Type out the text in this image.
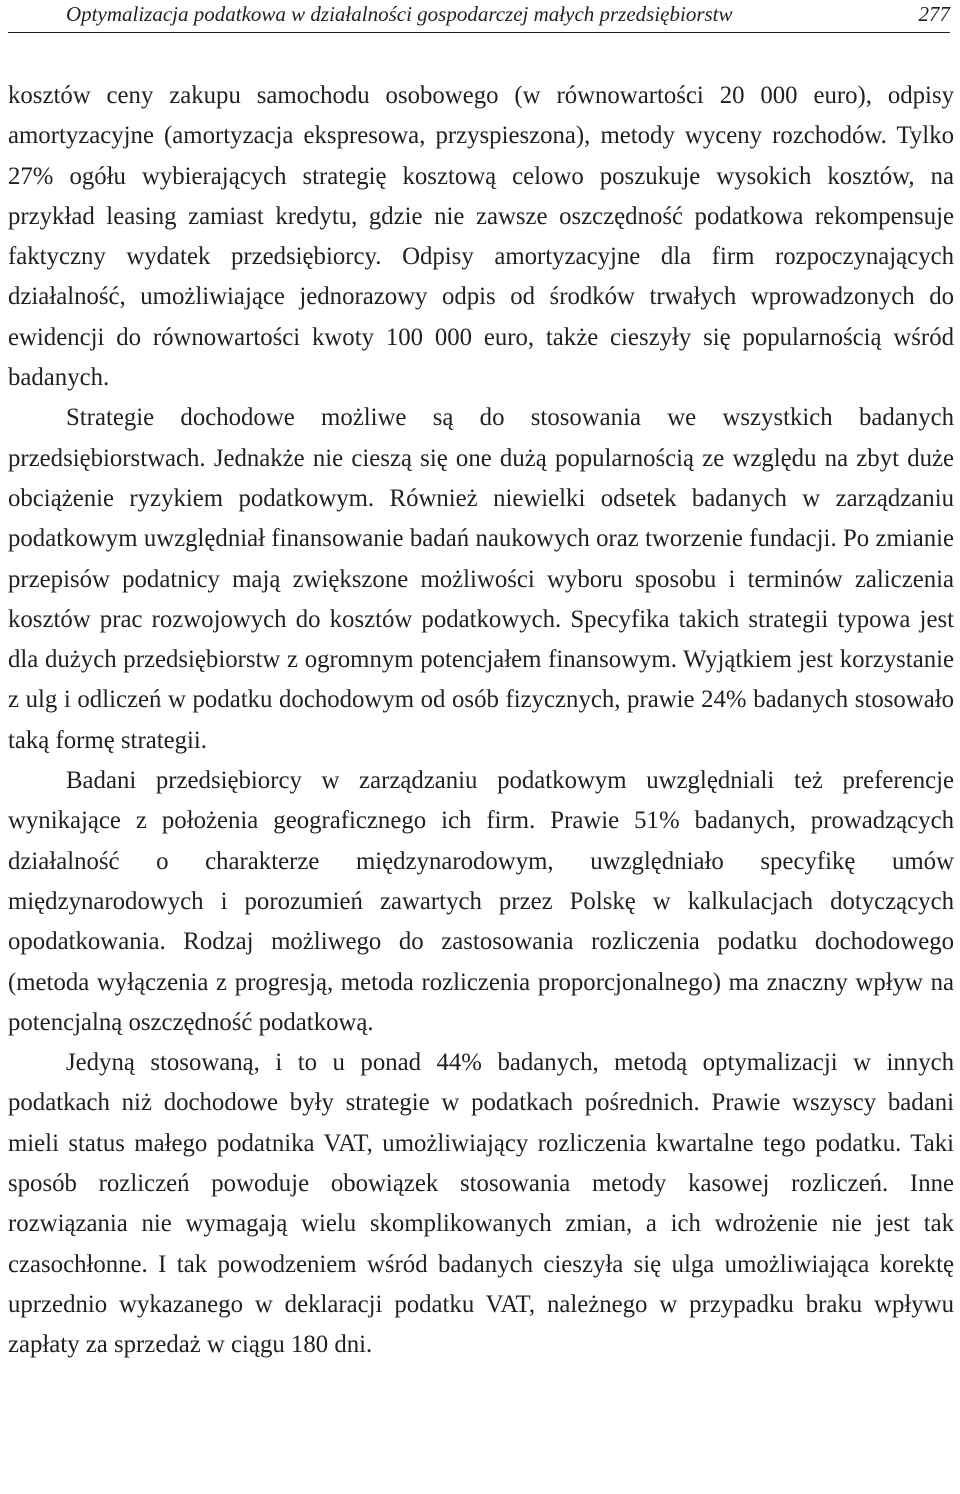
Optymalizacja podatkowa w działalności gospodarczej małych przedsiębiorstw	277

kosztów ceny zakupu samochodu osobowego (w równowartości 20 000 euro), odpisy amortyzacyjne (amortyzacja ekspresowa, przyspieszona), metody wyceny rozchodów. Tylko 27% ogółu wybierających strategię kosztową celowo poszukuje wysokich kosztów, na przykład leasing zamiast kredytu, gdzie nie zawsze oszczędność podatkowa rekompensuje faktyczny wydatek przedsiębiorcy. Odpisy amortyzacyjne dla firm rozpoczynających działalność, umożliwiające jednorazowy odpis od środków trwałych wprowadzonych do ewidencji do równowartości kwoty 100 000 euro, także cieszyły się popularnością wśród badanych.

Strategie dochodowe możliwe są do stosowania we wszystkich badanych przedsiębiorstwach. Jednakże nie cieszą się one dużą popularnością ze względu na zbyt duże obciążenie ryzykiem podatkowym. Również niewielki odsetek badanych w zarządzaniu podatkowym uwzględniał finansowanie badań naukowych oraz tworzenie fundacji. Po zmianie przepisów podatnicy mają zwiększone możliwości wyboru sposobu i terminów zaliczenia kosztów prac rozwojowych do kosztów podatkowych. Specyfika takich strategii typowa jest dla dużych przedsiębiorstw z ogromnym potencjałem finansowym. Wyjątkiem jest korzystanie z ulg i odliczeń w podatku dochodowym od osób fizycznych, prawie 24% badanych stosowało taką formę strategii.

Badani przedsiębiorcy w zarządzaniu podatkowym uwzględniali też preferencje wynikające z położenia geograficznego ich firm. Prawie 51% badanych, prowadzących działalność o charakterze międzynarodowym, uwzględniało specyfikę umów międzynarodowych i porozumień zawartych przez Polskę w kalkulacjach dotyczących opodatkowania. Rodzaj możliwego do zastosowania rozliczenia podatku dochodowego (metoda wyłączenia z progresją, metoda rozliczenia proporcjonalnego) ma znaczny wpływ na potencjalną oszczędność podatkową.

Jedyną stosowaną, i to u ponad 44% badanych, metodą optymalizacji w innych podatkach niż dochodowe były strategie w podatkach pośrednich. Prawie wszyscy badani mieli status małego podatnika VAT, umożliwiający rozliczenia kwartalne tego podatku. Taki sposób rozliczeń powoduje obowiązek stosowania metody kasowej rozliczeń. Inne rozwiązania nie wymagają wielu skomplikowanych zmian, a ich wdrożenie nie jest tak czasochłonne. I tak powodzeniem wśród badanych cieszyła się ulga umożliwiająca korektę uprzednio wykazanego w deklaracji podatku VAT, należnego w przypadku braku wpływu zapłaty za sprzedaż w ciągu 180 dni.
